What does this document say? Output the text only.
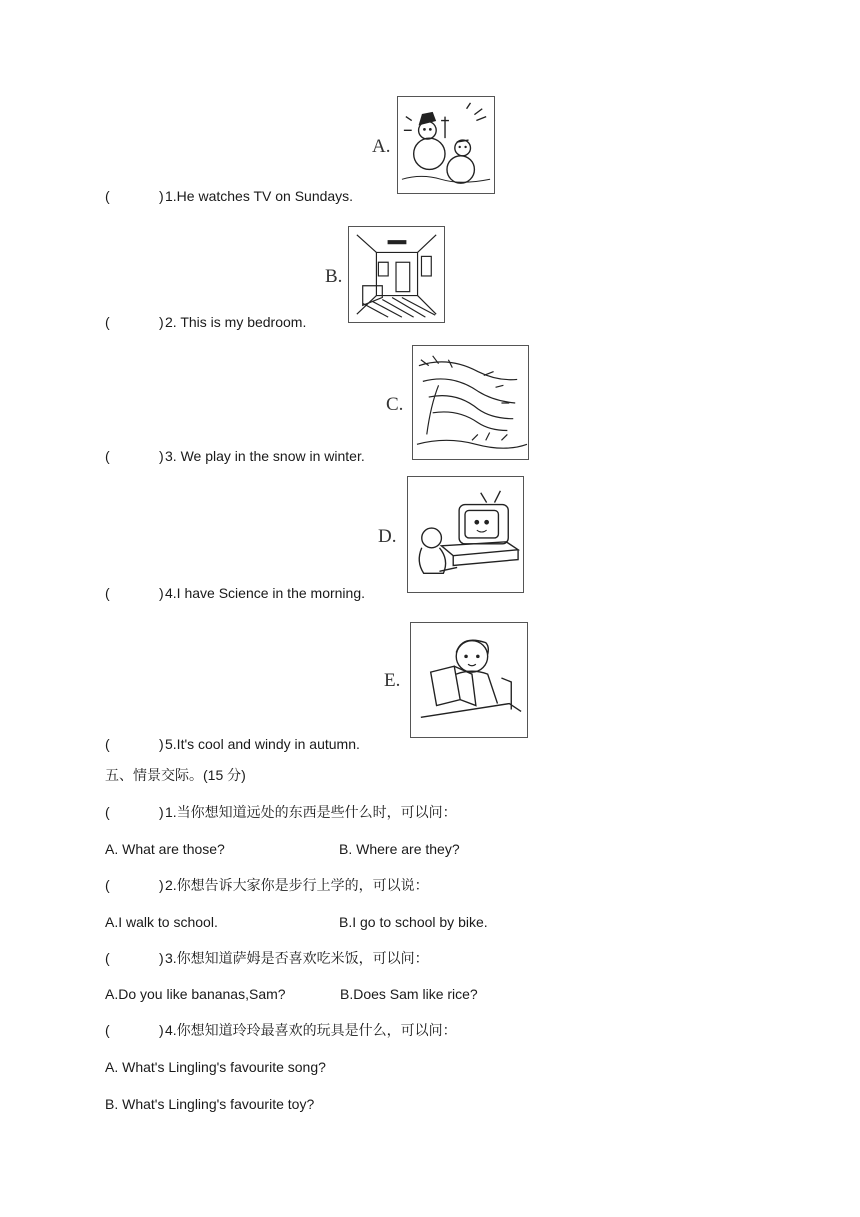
A.
B.
C.
D.
E.
(	) 1.He watches TV on Sundays.
(	) 2. This is my bedroom.
(	) 3. We play in the snow in winter.
(	) 4.I have Science in the morning.
(	) 5.It's cool and windy in autumn.
五、情景交际。(15 分)
(	) 1.当你想知道远处的东西是些什么时，可以问：
A. What are those?	B. Where are they?
(	) 2.你想告诉大家你是步行上学的，可以说：
A.I walk to school.	B.I go to school by bike.
(	) 3.你想知道萨姆是否喜欢吃米饭，可以问：
A.Do you like bananas,Sam?	B.Does Sam like rice?
(	) 4.你想知道玲玲最喜欢的玩具是什么，可以问：
A. What's Lingling's favourite song?
B. What's Lingling's favourite toy?
